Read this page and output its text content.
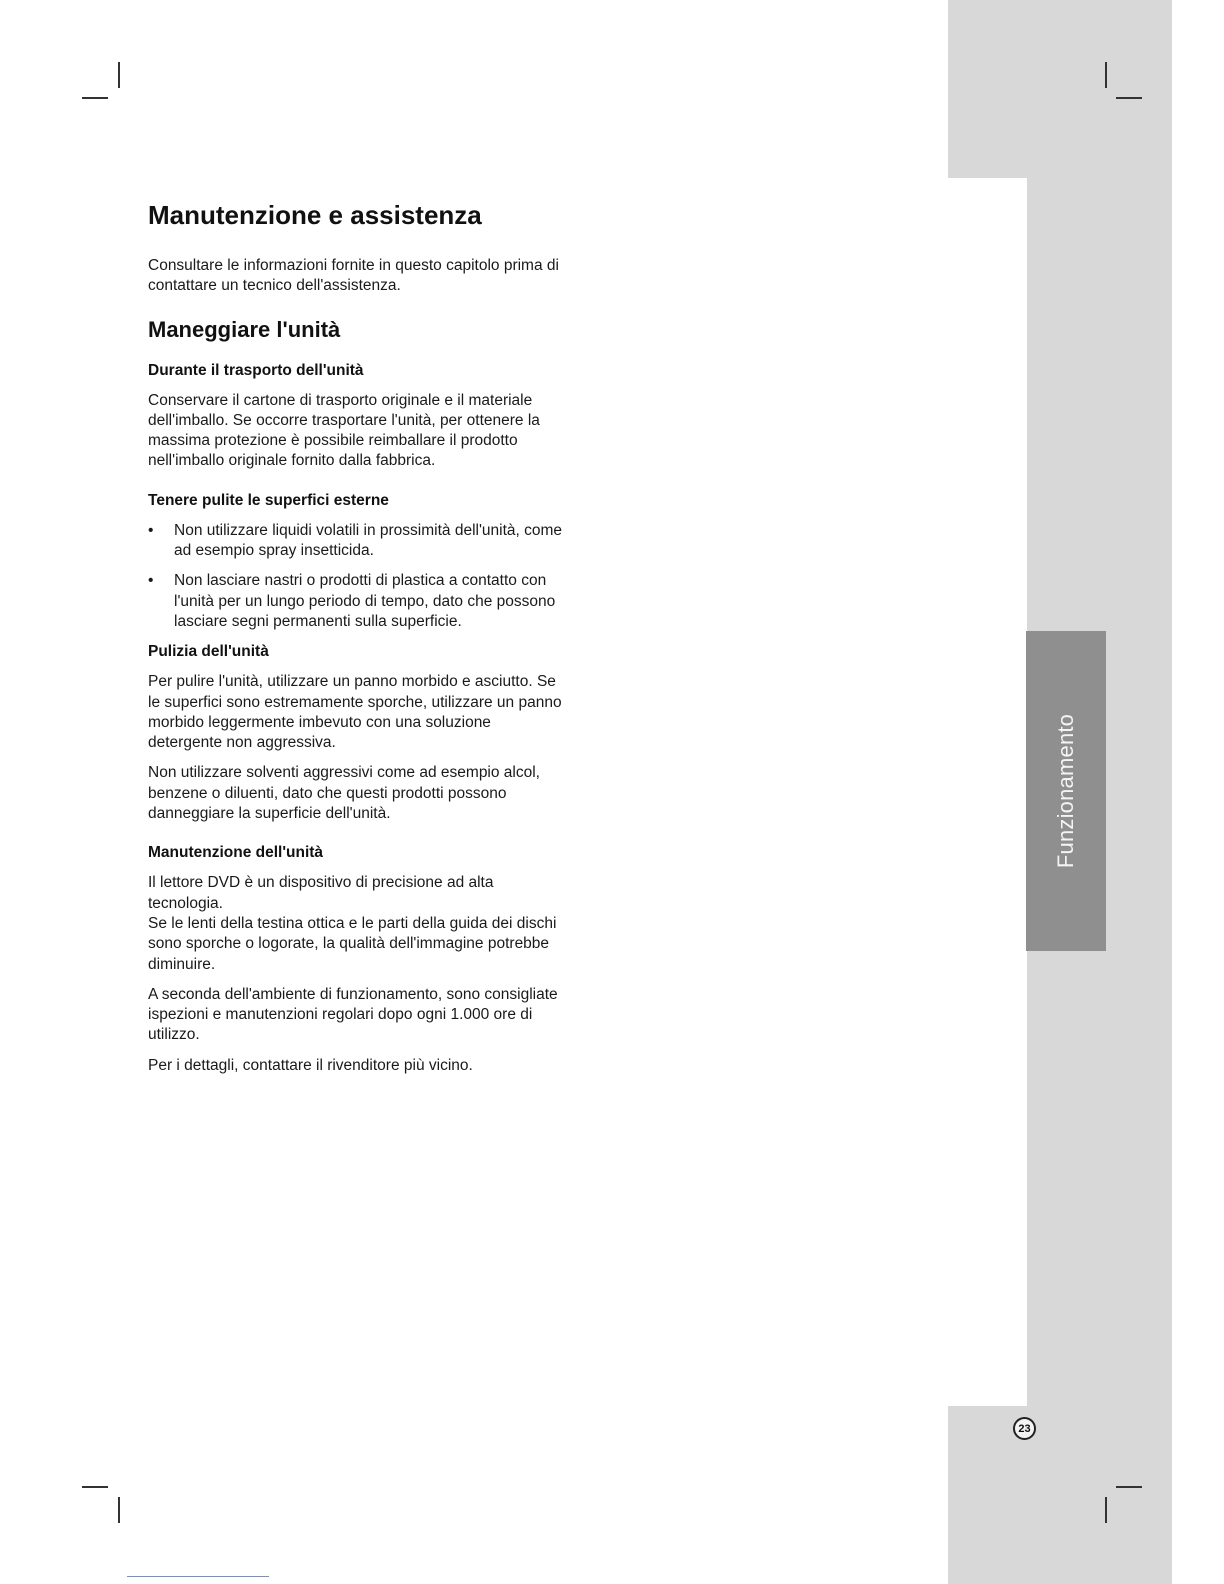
Funzionamento
23
Manutenzione e assistenza

Consultare le informazioni fornite in questo capitolo prima di contattare un tecnico dell'assistenza.

Maneggiare l'unità
Durante il trasporto dell'unità

Conservare il cartone di trasporto originale e il materiale dell'imballo. Se occorre trasportare l'unità, per ottenere la massima protezione è possibile reimballare il prodotto nell'imballo originale fornito dalla fabbrica.

Tenere pulite le superfici esterne
• Non utilizzare liquidi volatili in prossimità dell'unità, come ad esempio spray insetticida.
• Non lasciare nastri o prodotti di plastica a contatto con l'unità per un lungo periodo di tempo, dato che possono lasciare segni permanenti sulla superficie.
Pulizia dell'unità

Per pulire l'unità, utilizzare un panno morbido e asciutto. Se le superfici sono estremamente sporche, utilizzare un panno morbido leggermente imbevuto con una soluzione detergente non aggressiva.

Non utilizzare solventi aggressivi come ad esempio alcol, benzene o diluenti, dato che questi prodotti possono danneggiare la superficie dell'unità.

Manutenzione dell'unità

Il lettore DVD è un dispositivo di precisione ad alta tecnologia.

Se le lenti della testina ottica e le parti della guida dei dischi sono sporche o logorate, la qualità dell'immagine potrebbe diminuire.

A seconda dell'ambiente di funzionamento, sono consigliate ispezioni e manutenzioni regolari dopo ogni 1.000 ore di utilizzo.

Per i dettagli, contattare il rivenditore più vicino.
